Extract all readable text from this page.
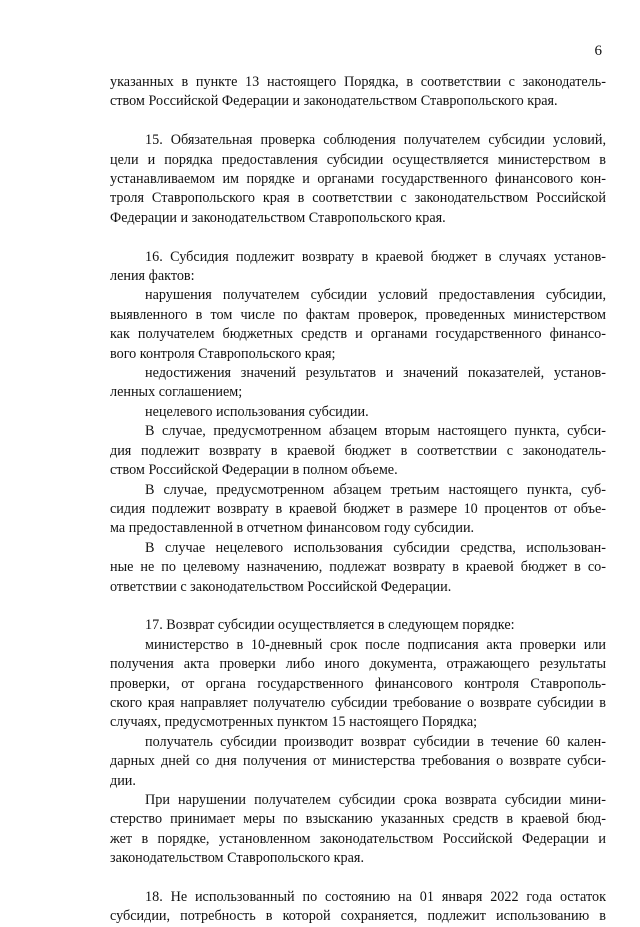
6
указанных в пункте 13 настоящего Порядка, в соответствии с законодатель-
ством Российской Федерации и законодательством Ставропольского края.
15. Обязательная проверка соблюдения получателем субсидии условий,
цели и порядка предоставления субсидии осуществляется министерством в
устанавливаемом им порядке и органами государственного финансового кон-
троля Ставропольского края в соответствии с законодательством Российской
Федерации и законодательством Ставропольского края.
16. Субсидия подлежит возврату в краевой бюджет в случаях установ-
ления фактов:
нарушения получателем субсидии условий предоставления субсидии,
выявленного в том числе по фактам проверок, проведенных министерством
как получателем бюджетных средств и органами государственного финансо-
вого контроля Ставропольского края;
недостижения значений результатов и значений показателей, установ-
ленных соглашением;
нецелевого использования субсидии.
В случае, предусмотренном абзацем вторым настоящего пункта, субси-
дия подлежит возврату в краевой бюджет в соответствии с законодатель-
ством Российской Федерации в полном объеме.
В случае, предусмотренном абзацем третьим настоящего пункта, суб-
сидия подлежит возврату в краевой бюджет в размере 10 процентов от объе-
ма предоставленной в отчетном финансовом году субсидии.
В случае нецелевого использования субсидии средства, использован-
ные не по целевому назначению, подлежат возврату в краевой бюджет в со-
ответствии с законодательством Российской Федерации.
17. Возврат субсидии осуществляется в следующем порядке:
министерство в 10-дневный срок после подписания акта проверки или
получения акта проверки либо иного документа, отражающего результаты
проверки, от органа государственного финансового контроля Ставрополь-
ского края направляет получателю субсидии требование о возврате субсидии в
случаях, предусмотренных пунктом 15 настоящего Порядка;
получатель субсидии производит возврат субсидии в течение 60 кален-
дарных дней со дня получения от министерства требования о возврате субси-
дии.
При нарушении получателем субсидии срока возврата субсидии мини-
стерство принимает меры по взысканию указанных средств в краевой бюд-
жет в порядке, установленном законодательством Российской Федерации и
законодательством Ставропольского края.
18. Не использованный по состоянию на 01 января 2022 года остаток
субсидии, потребность в которой сохраняется, подлежит использованию в
